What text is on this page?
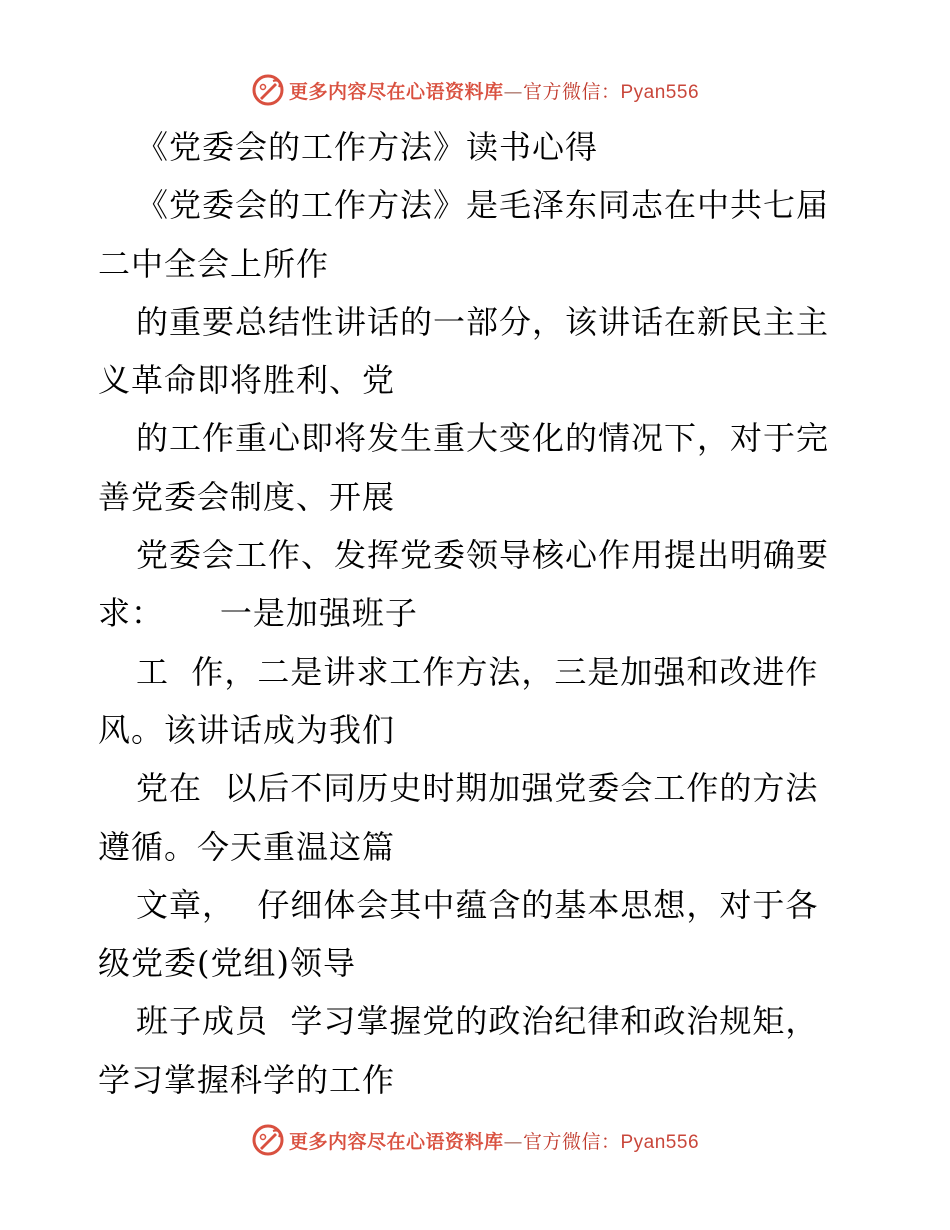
更多内容尽在心语资料库—官方微信：Pyan556
《党委会的工作方法》读书心得
《党委会的工作方法》是毛泽东同志在中共七届
二中全会上所作
的重要总结性讲话的一部分，该讲话在新民主主
义革命即将胜利、党
的工作重心即将发生重大变化的情况下，对于完
善党委会制度、开展
党委会工作、发挥党委领导核心作用提出明确要
求：     一是加强班子
工  作，二是讲求工作方法，三是加强和改进作
风。该讲话成为我们
党在  以后不同历史时期加强党委会工作的方法
遵循。今天重温这篇
文章，  仔细体会其中蕴含的基本思想，对于各
级党委(党组)领导
班子成员  学习掌握党的政治纪律和政治规矩，
学习掌握科学的工作
更多内容尽在心语资料库—官方微信：Pyan556
